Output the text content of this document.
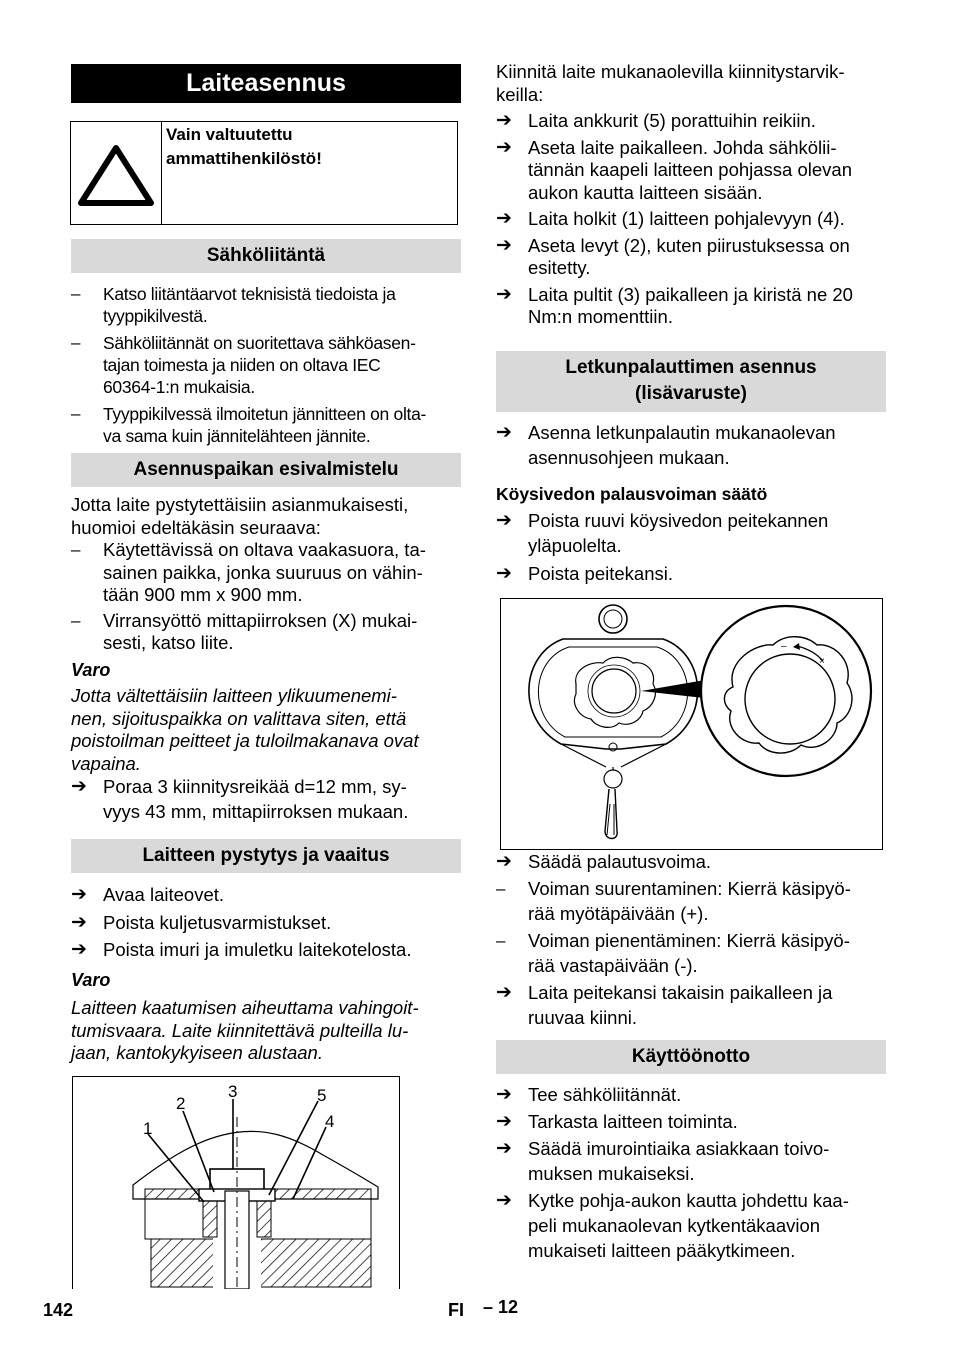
Laiteasennus
Vain valtuutettu
ammattihenkilöstö!
Sähköliitäntä
–	Katso liitäntäarvot teknisistä tiedoista ja
tyyppikilvestä.
–	Sähköliitännät on suoritettava sähköasen-
tajan toimesta ja niiden on oltava IEC
60364-1:n mukaisia.
–	Tyyppikilvessä ilmoitetun jännitteen on olta-
va sama kuin jännitelähteen jännite.
Asennuspaikan esivalmistelu

Jotta laite pystytettäisiin asianmukaisesti,

huomioi edeltäkäsin seuraava:

–	Käytettävissä on oltava vaakasuora, ta-
sainen paikka, jonka suuruus on vähin-
tään 900 mm x 900 mm.
–	Virransyöttö mittapiirroksen (X) mukai-
sesti, katso liite.

Varo

Jotta vältettäisiin laitteen ylikuumenemi-

nen, sijoituspaikka on valittava siten, että

poistoilman peitteet ja tuloilmakanava ovat

vapaina.

➔ Poraa 3 kiinnitysreikää d=12 mm, sy-
vyys 43 mm, mittapiirroksen mukaan.
Laitteen pystytys ja vaaitus
➔ Avaa laiteovet.
➔ Poista kuljetusvarmistukset.
➔ Poista imuri ja imuletku laitekotelosta.

Varo

Laitteen kaatumisen aiheuttama vahingoit-

tumisvaara. Laite kiinnitettävä pulteilla lu-

jaan, kantokykyiseen alustaan.

1
2
3	5
4

Kiinnitä laite mukanaolevilla kiinnitystarvik-

keilla:

➔ Laita ankkurit (5) porattuihin reikiin.
➔ Aseta laite paikalleen. Johda sähkölii-
tännän kaapeli laitteen pohjassa olevan
aukon kautta laitteen sisään.
➔ Laita holkit (1) laitteen pohjalevyyn (4).
➔ Aseta levyt (2), kuten piirustuksessa on
esitetty.
➔ Laita pultit (3) paikalleen ja kiristä ne 20
Nm:n momenttiin.
Letkunpalauttimen asennus
(lisävaruste)
➔ Asenna letkunpalautin mukanaolevan
asennusohjeen mukaan.

Köysivedon palausvoiman säätö

➔ Poista ruuvi köysivedon peitekannen
yläpuolelta.
➔ Poista peitekansi.
–
×
➔ Säädä palautusvoima.
–	Voiman suurentaminen: Kierrä käsipyö-
rää myötäpäivään (+).
–	Voiman pienentäminen: Kierrä käsipyö-
rää vastapäivään (-).
➔ Laita peitekansi takaisin paikalleen ja
ruuvaa kiinni.
Käyttöönotto
➔ Tee sähköliitännät.
➔ Tarkasta laitteen toiminta.
➔ Säädä imurointiaika asiakkaan toivo-
muksen mukaiseksi.
➔ Kytke pohja-aukon kautta johdettu kaa-
peli mukanaolevan kytkentäkaavion
mukaiseti laitteen pääkytkimeen.
142	FI – 12
